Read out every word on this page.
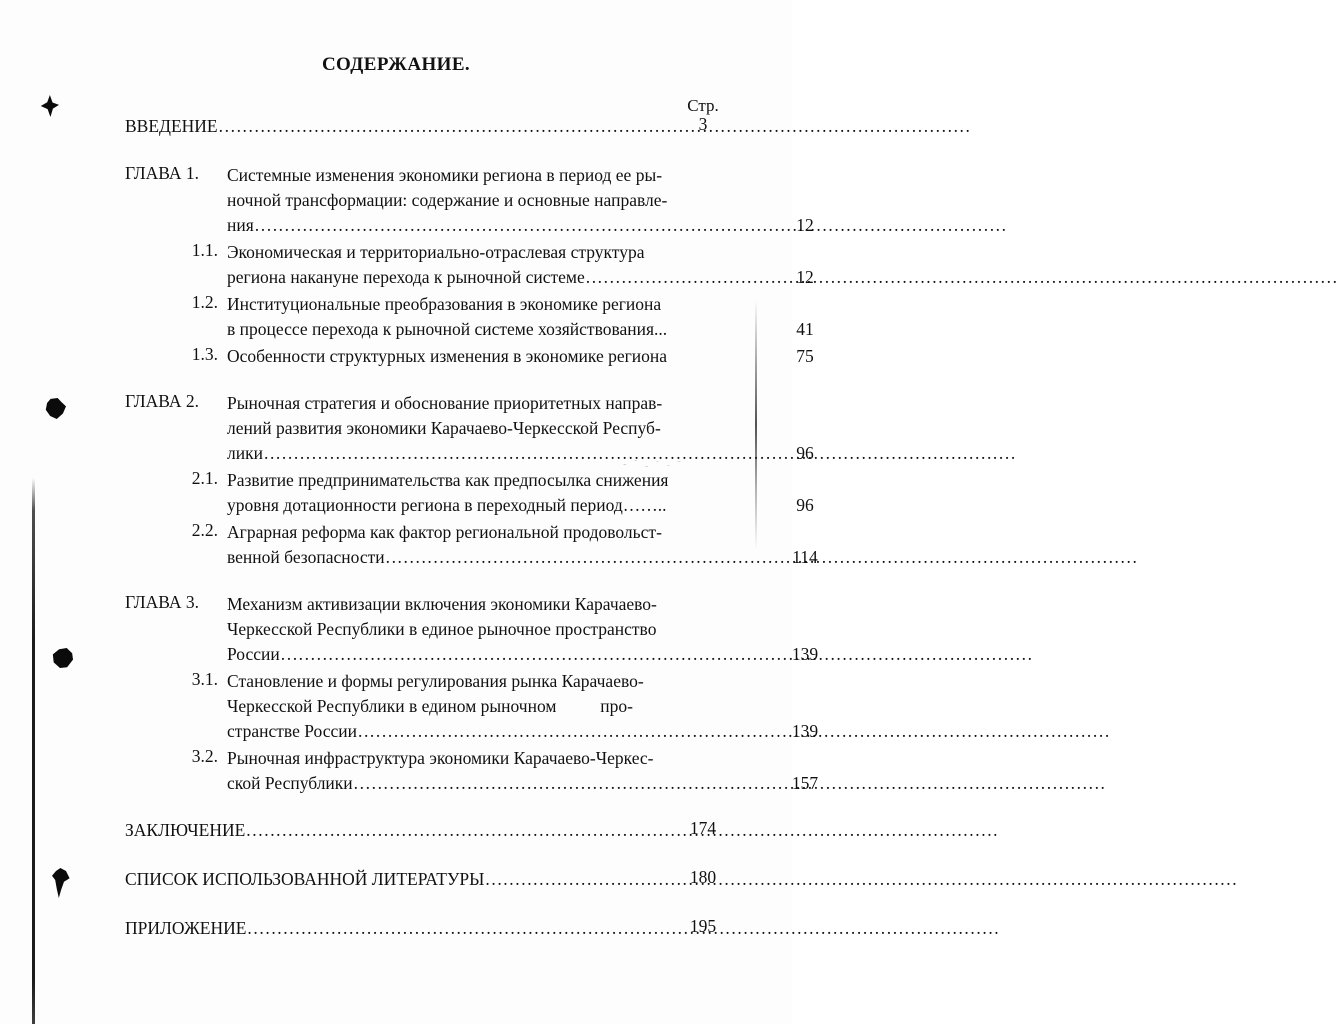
СОДЕРЖАНИЕ.
Стр.
ВВЕДЕНИЕ .....	3
ГЛАВА 1.	Системные изменения экономики региона в период ее ры-
ночной трансформации: содержание и основные направле-
ния .....	12
1.1. Экономическая и территориально-отраслевая структура
региона накануне перехода к рыночной системе .....	12
1.2. Институциональные преобразования в экономике региона
в процессе перехода к рыночной системе хозяйствования...	41
1.3. Особенности структурных изменения в экономике региона	75
ГЛАВА 2.	Рыночная стратегия и обоснование приоритетных направ-
лений развития экономики Карачаево-Черкесской Респуб-
лики .....	96
2.1. Развитие предпринимательства как предпосылка снижения
уровня дотационности региона в переходный период……..	96
2.2. Аграрная реформа как фактор региональной продовольст-
венной безопасности .....	114
ГЛАВА 3.	Механизм активизации включения экономики Карачаево-
Черкесской Республики в единое рыночное пространство
России .....	139
3.1. Становление и формы регулирования рынка Карачаево-
Черкесской Республики в едином рыночном          про-
странстве России .....	139
3.2. Рыночная инфраструктура экономики Карачаево-Черкес-
ской Республики .....	157
ЗАКЛЮЧЕНИЕ .....	174
СПИСОК ИСПОЛЬЗОВАННОЙ ЛИТЕРАТУРЫ .....	180
ПРИЛОЖЕНИЕ .....	195
